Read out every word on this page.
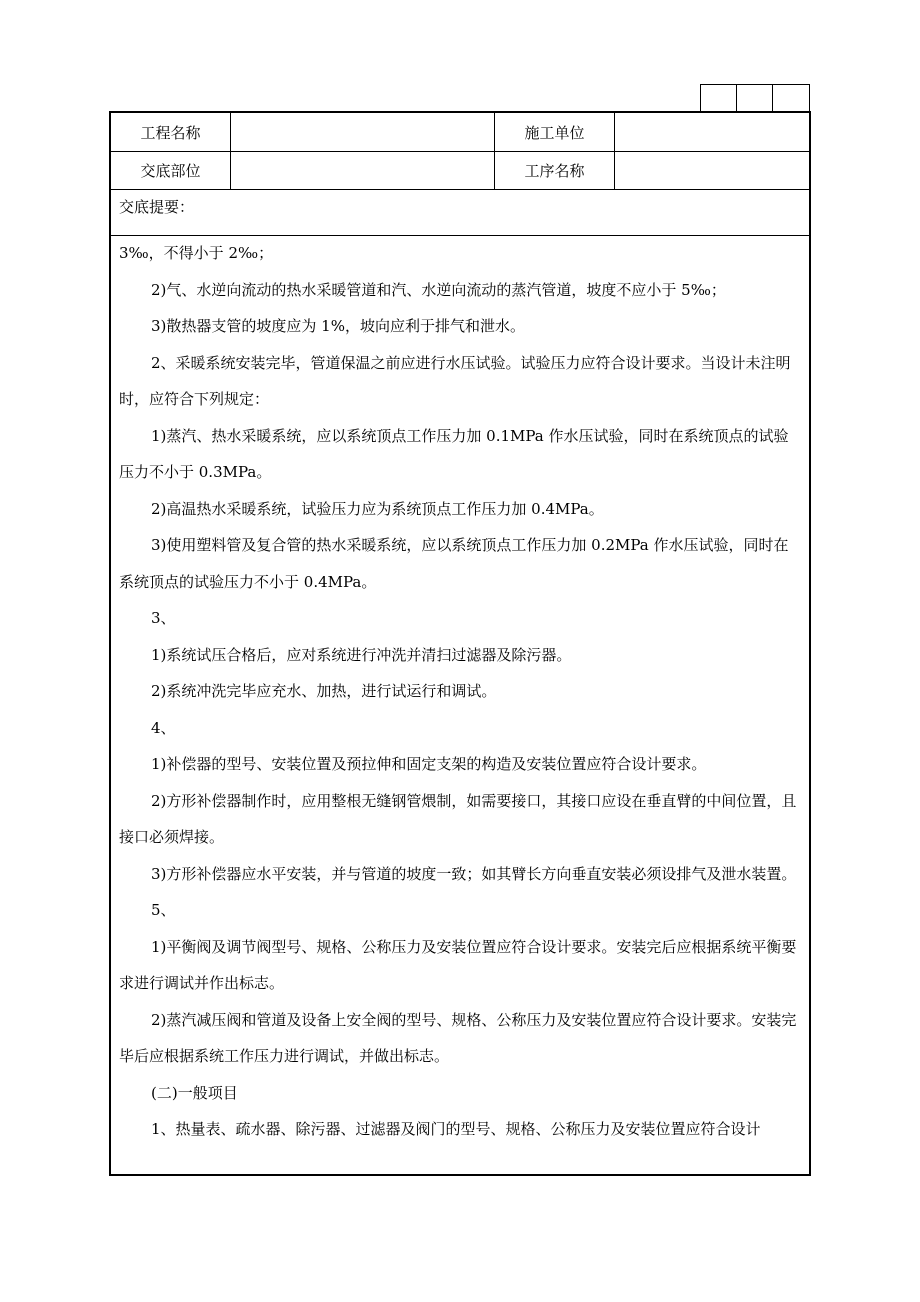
工程名称	施工单位
交底部位	工序名称
交底提要：

3‰，不得小于 2‰；

2)气、水逆向流动的热水采暖管道和汽、水逆向流动的蒸汽管道，坡度不应小于 5‰；

3)散热器支管的坡度应为 1%，坡向应利于排气和泄水。

2、采暖系统安装完毕，管道保温之前应进行水压试验。试验压力应符合设计要求。当设计未注明时，应符合下列规定：

1)蒸汽、热水采暖系统，应以系统顶点工作压力加 0.1MPa 作水压试验，同时在系统顶点的试验压力不小于 0.3MPa。

2)高温热水采暖系统，试验压力应为系统顶点工作压力加 0.4MPa。

3)使用塑料管及复合管的热水采暖系统，应以系统顶点工作压力加 0.2MPa 作水压试验，同时在系统顶点的试验压力不小于 0.4MPa。

3、

1)系统试压合格后，应对系统进行冲洗并清扫过滤器及除污器。

2)系统冲洗完毕应充水、加热，进行试运行和调试。

4、

1)补偿器的型号、安装位置及预拉伸和固定支架的构造及安装位置应符合设计要求。

2)方形补偿器制作时，应用整根无缝钢管煨制，如需要接口，其接口应设在垂直臂的中间位置，且接口必须焊接。

3)方形补偿器应水平安装，并与管道的坡度一致；如其臂长方向垂直安装必须设排气及泄水装置。

5、

1)平衡阀及调节阀型号、规格、公称压力及安装位置应符合设计要求。安装完后应根据系统平衡要求进行调试并作出标志。

2)蒸汽减压阀和管道及设备上安全阀的型号、规格、公称压力及安装位置应符合设计要求。安装完毕后应根据系统工作压力进行调试，并做出标志。

(二)一般项目

1、热量表、疏水器、除污器、过滤器及阀门的型号、规格、公称压力及安装位置应符合设计
